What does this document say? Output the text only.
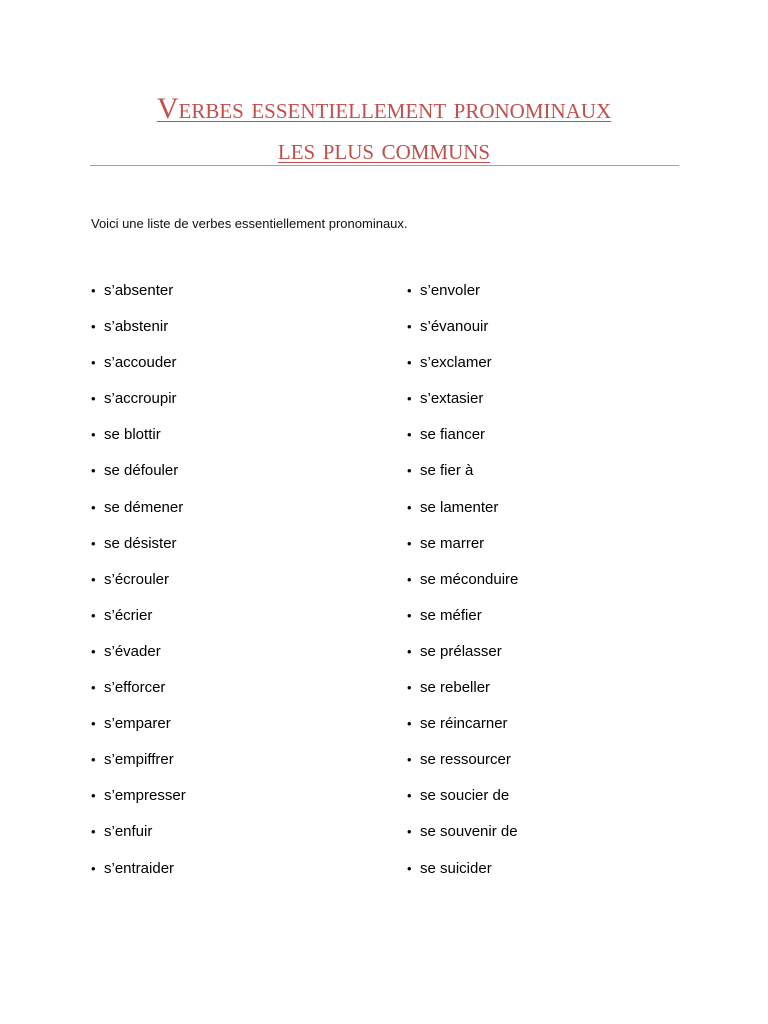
Verbes essentiellement pronominaux
les plus communs
Voici une liste de verbes essentiellement pronominaux.
• s’absenter
• s’abstenir
• s’accouder
• s’accroupir
• se blottir
• se défouler
• se démener
• se désister
• s’écrouler
• s’écrier
• s’évader
• s’efforcer
• s’emparer
• s’empiffrer
• s’empresser
• s’enfuir
• s’entraider
• s’envoler
• s’évanouir
• s’exclamer
• s’extasier
• se fiancer
• se fier à
• se lamenter
• se marrer
• se méconduire
• se méfier
• se prélasser
• se rebeller
• se réincarner
• se ressourcer
• se soucier de
• se souvenir de
• se suicider
